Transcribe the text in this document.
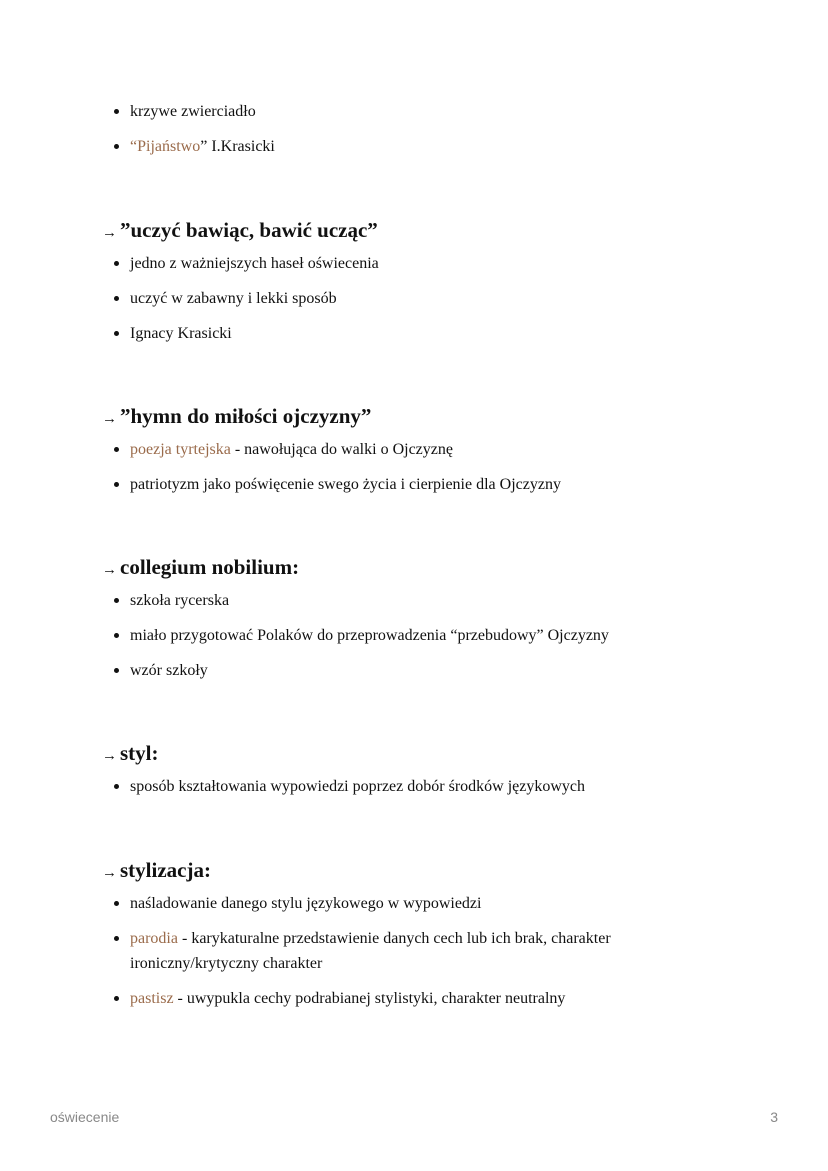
krzywe zwierciadło
“Pijaństwo” I.Krasicki
→ ”uczyć bawiąc, bawić ucząc”
jedno z ważniejszych haseł oświecenia
uczyć w zabawny i lekki sposób
Ignacy Krasicki
→ ”hymn do miłości ojczyzny”
poezja tyrtejska - nawołująca do walki o Ojczyznę
patriotyzm jako poświęcenie swego życia i cierpienie dla Ojczyzny
→ collegium nobilium:
szkoła rycerska
miało przygotować Polaków do przeprowadzenia “przebudowy” Ojczyzny
wzór szkoły
→ styl:
sposób kształtowania wypowiedzi poprzez dobór środków językowych
→ stylizacja:
naśladowanie danego stylu językowego w wypowiedzi
parodia - karykaturalne przedstawienie danych cech lub ich brak, charakter ironiczny/krytyczny charakter
pastisz - uwypukla cechy podrabianej stylistyki, charakter neutralny
oświecenie	3
